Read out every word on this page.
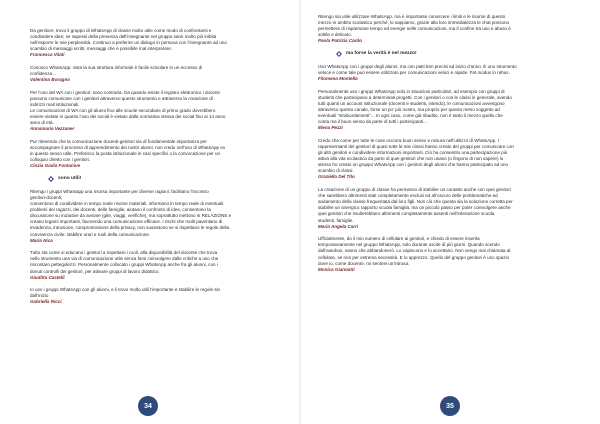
Da genitore, trovo il gruppo di WhatsApp di classe molto utile come modo di confrontarsi e
condividere idee; se sapessi della presenza dell’insegnante nel gruppo sarei molto più inibita
nell’esporre le mie perplessità. Continuo a preferire un dialogo in persona con l’insegnante ad uno
scambio di messaggi scritti, messaggi che è possibile mal interpretare.
Francesca Vitali
Conosco WhatsApp: vista la sua struttura informale è facile scivolare in un eccesso di
confidenza…
Valentina Boragno
Per l’uso del WA con i genitori: sono contraria. Da quando esiste il registro elettronico i docenti
possono comunicare con i genitori attraverso questo strumento e attraverso la creazione di
indirizzi mail istituzionali.
Le comunicazioni di WA con gli alunni fino alle scuole secondarie di primo grado dovrebbero
essere vietate in quanto l’uso dei social è vietato dalla normativa stessa dei social fino ai 14 anno
anno di età.
Annamaria Vezzaner
Pur ritenendo che la comunicazione docenti-genitori sia di fondamentale importanza per
accompagnare il processo di apprendimento dei nostri alunni, non credo nell’uso di WhatsApp ex
in questo senso utile. Preferisco la posta istituzionale in casi specifici o la convocazione per un
colloquio diretto con i genitori.
Cinzia Giulia Fontanive
sono utili!
Ritengo i gruppi Whatsapp una risorsa importante per diverse ragioni: facilitano l’incontro
genitori-docenti;
consentono di condividere in tempo reale risorse materiali, informano in tempo reale di eventuali
problemi dei ragazzi, dei docenti, delle famiglie, aiutano il confronto di idee, consentono la
discussione su iniziative da avviare (gite, viaggi, verifiche), ma soprattutto mettono in RELAZIONE e
creano legami importanti, favorendo una comunicazione efficace. I rischi che molti paventano di
invadenza, intrusione, compromissione della privacy, non sussistono se si rispettano le regole della
convivenza civile: stabilire orari e ruoli della comunicazione.
Maria Nica
Tutto sta come si educano i genitori a rispettare i ruoli, alla disponibilità del docente che trova
nello strumento una via di comunicazione utile senza farsi coinvolgere dalle critiche a uso che
riscontaro pettegolezzi. Personalmente collocato i gruppi WhatsApp anche fra gli alunni, con i
dovuti controlli dei genitori, per attivare gruppi di lavoro didattico.
Giuditta Castelli
Io uso i gruppi WhatsApp con gli alunni, e li trovo molto utili l’importante è stabilire le regole sin
dall’inizio
Gabriella Ricci
34
Ritengo sia utile utilizzare WhatsApp, ma è importante conoscere i limiti e le risorse di questo
mezzo in ambito scolastico perché, lo sappiamo, grazie alla loro immediatezza le chat possono
permettere di risparmiare tempo ed energie nelle comunicazioni, ma il confine tra uso e abuso è
sottile e delicato.
Paola Patrizia Cardo
ma forse la verità è nel mezzo!
Uso WhatsApp con i gruppi degli alunni, ma con patti ben precisi ad inizio d’anno. È uno strumento
veloce e come tale può essere utilizzato per comunicazioni veloci e rapide. Fat modus in rebus.
Filomena Montella
Personalmente uso i gruppi WhatsApp solo in situazioni particolari, ad esempio con gruppi di
studenti che partecipano a determinati progetti. Con i genitori o con le classi in generale, avendo
tutti quanti un account istituzionale (docenti e studenti, intendo), le comunicazioni avvengono
attraverso questo canale, forse un po’ più nostro, ma proprio per questo meno soggetto ad
eventuali “strabordamenti”... In ogni caso, come già ribadito, non è tanto il mezzo quello che
conta ma il buon senso da parte di tutti i partecipanti…
Elena Pezzi
Credo che come per tutte le cose occorra buon senso e misura nell’utilizzo di WhatsApp. I
rappresentanti dei genitori di quasi tutte le mie classi hanno creato dei gruppi per comunicare con
gli altri genitori e condividere informazioni importanti. Ciò ha consentito una partecipazione più
attiva alla vita scolastica da parte di quei genitori che non usano (o fingono di non sapere) lo
stesso ho creato un gruppo WhatsApp con i genitori degli alunni che hanno partecipato ad uno
scambio di classi.
Graziella Del Tito
La creazione di un gruppo di classe ha permesso di stabilire un contatto anche con quei genitori
che sarebbero altrimenti stati completamente esclusi ed all’oscuro delle problematiche ed
andamento della classe frequentata dal loro figli. Non ciò che questa sia la soluzione corretta per
stabilire un sinergico rapporto scuola famiglia, ma un piccolo passo per poter coinvolgere anche
quei genitori che risulterebbero altrimenti completamente assenti nell’interazione scuola,
studenti, famiglie.
Maria Angela Carri
Ufficialmente, do il mio numero di cellulare ai genitori, e chiedo di essere inserita
temporaneamente nel gruppo WhatsApp, solo durante uscite di più giorni. Quando scendo
dall’autobus, sanno che abbandonerò. Lo capiscono e lo accettano. Non vengo mai chiamata al
cellulare, se non per estrema necessità. E lo apprezzo. Quello del gruppo genitori è uno spazio
dove io, come docente, mi sentirei un’intrusa.
Monica Gianoatti
35
